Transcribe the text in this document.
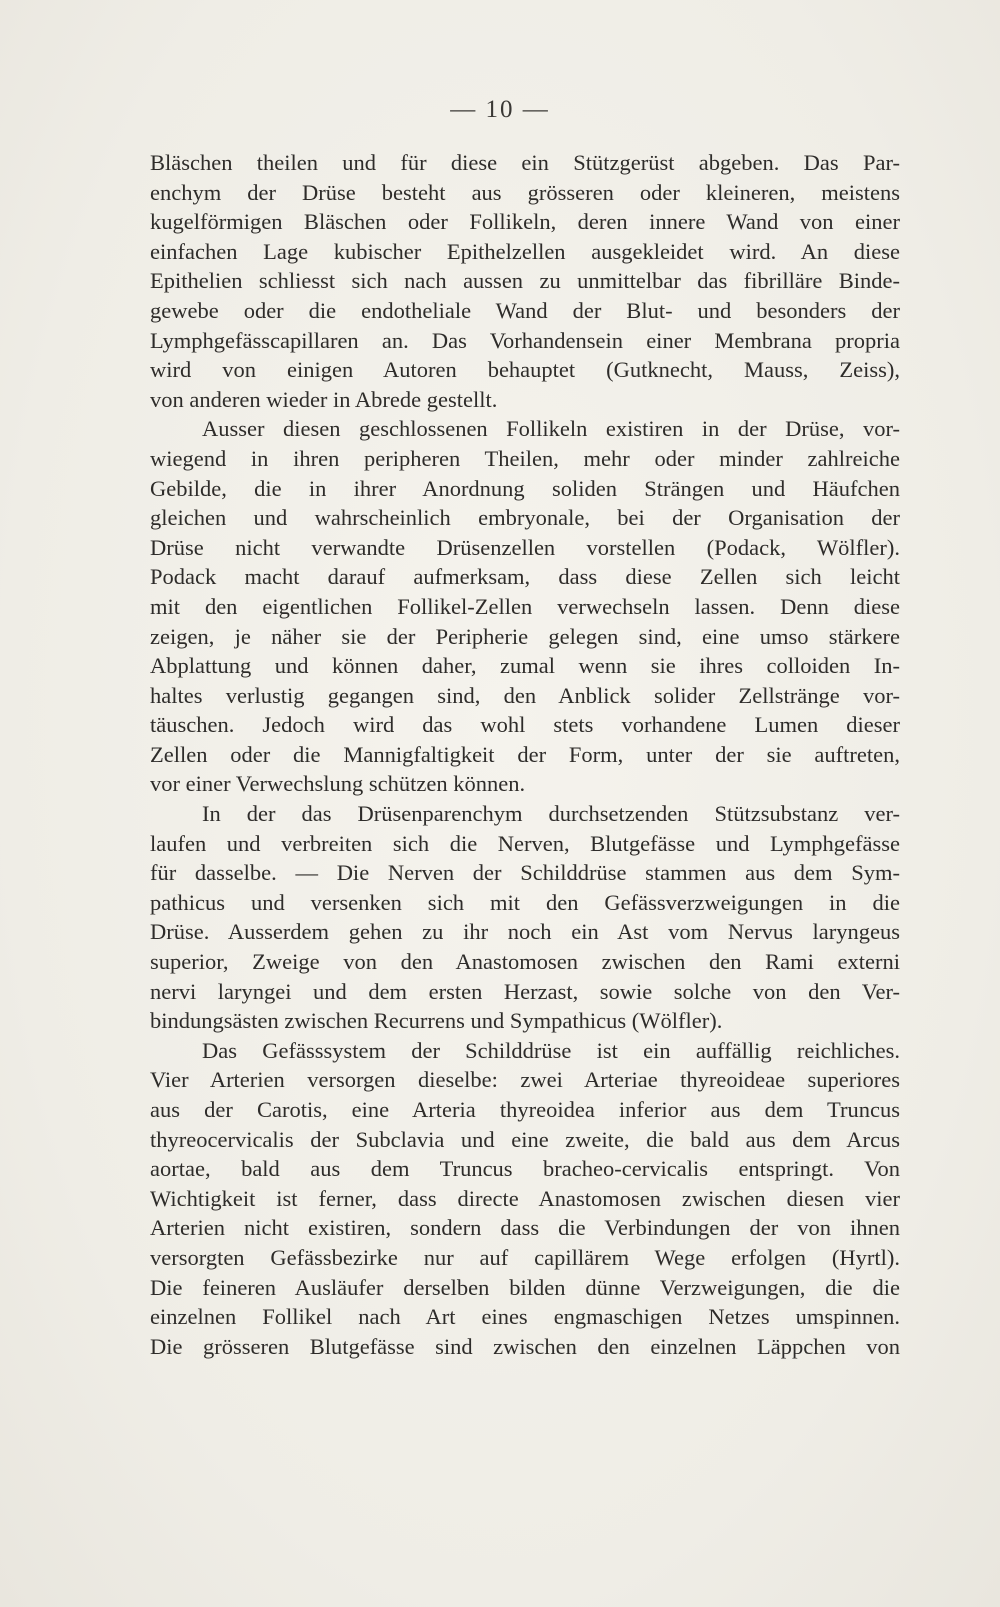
— 10 —
Bläschen theilen und für diese ein Stützgerüst abgeben. Das Par-
enchym der Drüse besteht aus grösseren oder kleineren, meistens
kugelförmigen Bläschen oder Follikeln, deren innere Wand von einer
einfachen Lage kubischer Epithelzellen ausgekleidet wird. An diese
Epithelien schliesst sich nach aussen zu unmittelbar das fibrilläre Binde-
gewebe oder die endotheliale Wand der Blut- und besonders der
Lymphgefässcapillaren an. Das Vorhandensein einer Membrana propria
wird von einigen Autoren behauptet (Gutknecht, Mauss, Zeiss),
von anderen wieder in Abrede gestellt.
Ausser diesen geschlossenen Follikeln existiren in der Drüse, vor-
wiegend in ihren peripheren Theilen, mehr oder minder zahlreiche
Gebilde, die in ihrer Anordnung soliden Strängen und Häufchen
gleichen und wahrscheinlich embryonale, bei der Organisation der
Drüse nicht verwandte Drüsenzellen vorstellen (Podack, Wölfler).
Podack macht darauf aufmerksam, dass diese Zellen sich leicht
mit den eigentlichen Follikel-Zellen verwechseln lassen. Denn diese
zeigen, je näher sie der Peripherie gelegen sind, eine umso stärkere
Abplattung und können daher, zumal wenn sie ihres colloiden In-
haltes verlustig gegangen sind, den Anblick solider Zellstränge vor-
täuschen. Jedoch wird das wohl stets vorhandene Lumen dieser
Zellen oder die Mannigfaltigkeit der Form, unter der sie auftreten,
vor einer Verwechslung schützen können.
In der das Drüsenparenchym durchsetzenden Stützsubstanz ver-
laufen und verbreiten sich die Nerven, Blutgefässe und Lymphgefässe
für dasselbe. — Die Nerven der Schilddrüse stammen aus dem Sym-
pathicus und versenken sich mit den Gefässverzweigungen in die
Drüse. Ausserdem gehen zu ihr noch ein Ast vom Nervus laryngeus
superior, Zweige von den Anastomosen zwischen den Rami externi
nervi laryngei und dem ersten Herzast, sowie solche von den Ver-
bindungsästen zwischen Recurrens und Sympathicus (Wölfler).
Das Gefässsystem der Schilddrüse ist ein auffällig reichliches.
Vier Arterien versorgen dieselbe: zwei Arteriae thyreoideae superiores
aus der Carotis, eine Arteria thyreoidea inferior aus dem Truncus
thyreocervicalis der Subclavia und eine zweite, die bald aus dem Arcus
aortae, bald aus dem Truncus bracheo-cervicalis entspringt. Von
Wichtigkeit ist ferner, dass directe Anastomosen zwischen diesen vier
Arterien nicht existiren, sondern dass die Verbindungen der von ihnen
versorgten Gefässbezirke nur auf capillärem Wege erfolgen (Hyrtl).
Die feineren Ausläufer derselben bilden dünne Verzweigungen, die die
einzelnen Follikel nach Art eines engmaschigen Netzes umspinnen.
Die grösseren Blutgefässe sind zwischen den einzelnen Läppchen von
